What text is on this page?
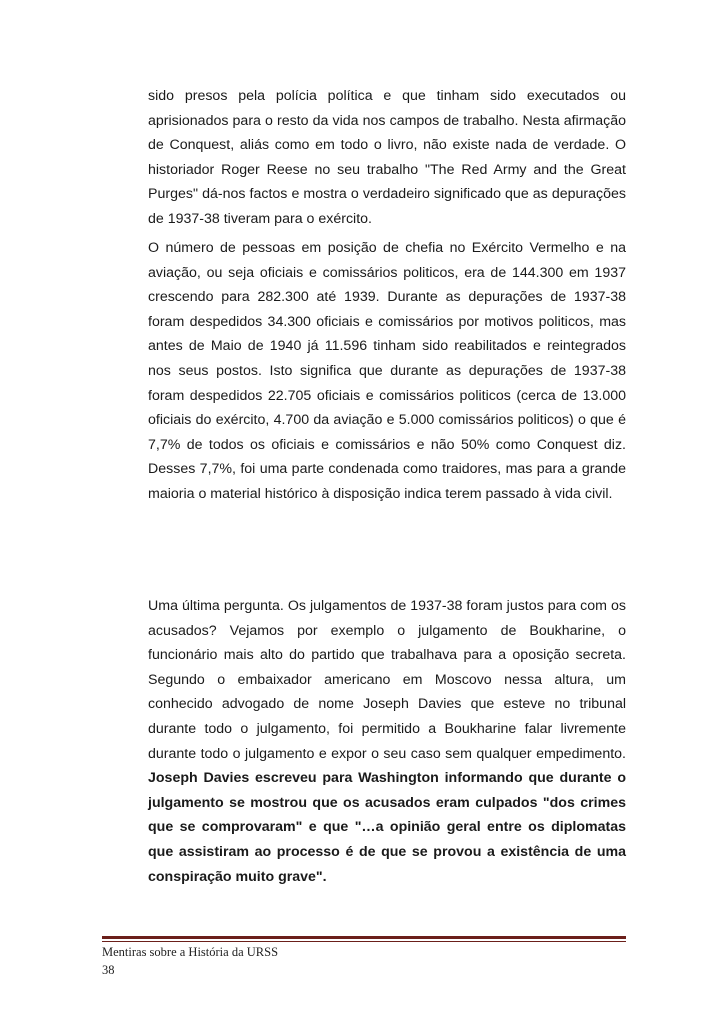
sido presos pela polícia política e que tinham sido executados ou aprisionados para o resto da vida nos campos de trabalho. Nesta afirmação de Conquest, aliás como em todo o livro, não existe nada de verdade. O historiador Roger Reese no seu trabalho "The Red Army and the Great Purges" dá-nos factos e mostra o verdadeiro significado que as depurações de 1937-38 tiveram para o exército.

O número de pessoas em posição de chefia no Exército Vermelho e na aviação, ou seja oficiais e comissários politicos, era de 144.300 em 1937 crescendo para 282.300 até 1939. Durante as depurações de 1937-38 foram despedidos 34.300 oficiais e comissários por motivos politicos, mas antes de Maio de 1940 já 11.596 tinham sido reabilitados e reintegrados nos seus postos. Isto significa que durante as depurações de 1937-38 foram despedidos 22.705 oficiais e comissários politicos (cerca de 13.000 oficiais do exército, 4.700 da aviação e 5.000 comissários politicos) o que é 7,7% de todos os oficiais e comissários e não 50% como Conquest diz. Desses 7,7%, foi uma parte condenada como traidores, mas para a grande maioria o material histórico à disposição indica terem passado à vida civil.

Uma última pergunta. Os julgamentos de 1937-38 foram justos para com os acusados? Vejamos por exemplo o julgamento de Boukharine, o funcionário mais alto do partido que trabalhava para a oposição secreta. Segundo o embaixador americano em Moscovo nessa altura, um conhecido advogado de nome Joseph Davies que esteve no tribunal durante todo o julgamento, foi permitido a Boukharine falar livremente durante todo o julgamento e expor o seu caso sem qualquer empedimento. Joseph Davies escreveu para Washington informando que durante o julgamento se mostrou que os acusados eram culpados "dos crimes que se comprovaram" e que "…a opinião geral entre os diplomatas que assistiram ao processo é de que se provou a existência de uma conspiração muito grave".

Mentiras sobre a História da URSS
38
